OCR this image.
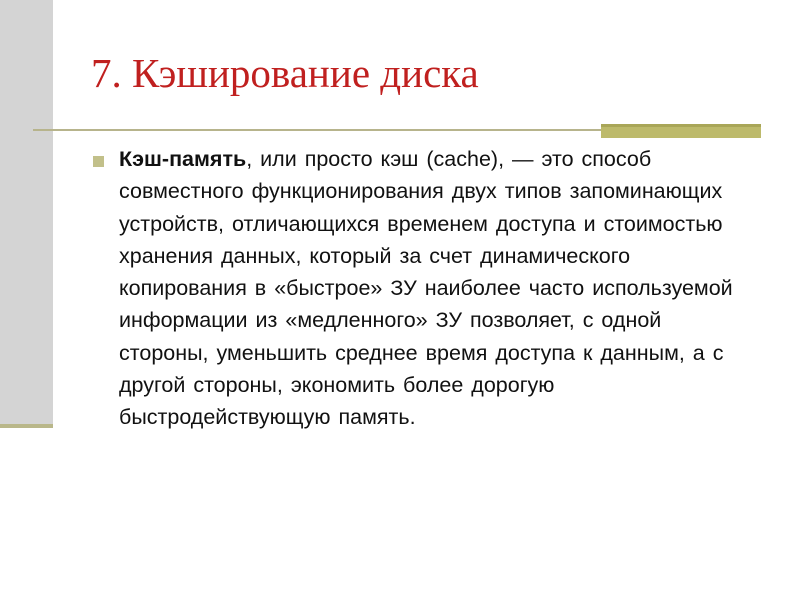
7. Кэширование диска

Кэш-память, или просто кэш (cache), — это способ совместного функционирования двух типов запоминающих устройств, отличающихся временем доступа и стоимостью хранения данных, который за счет динамического копирования в «быстрое» ЗУ наиболее часто используемой информации из «медленного» ЗУ позволяет, с одной стороны, уменьшить среднее время доступа к данным, а с другой стороны, экономить более дорогую быстродействующую память.
